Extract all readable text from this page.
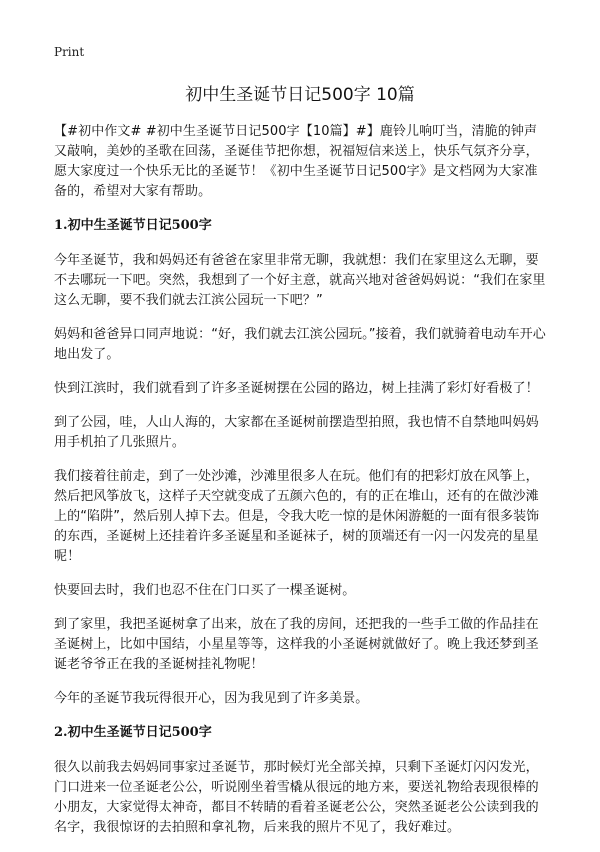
Print
初中生圣诞节日记500字 10篇

【#初中作文# #初中生圣诞节日记500字【10篇】#】鹿铃儿响叮当，清脆的钟声又敲响，美妙的圣歌在回荡，圣诞佳节把你想，祝福短信来送上，快乐气氛齐分享，愿大家度过一个快乐无比的圣诞节！《初中生圣诞节日记500字》是文档网为大家准备的，希望对大家有帮助。

1.初中生圣诞节日记500字

今年圣诞节，我和妈妈还有爸爸在家里非常无聊，我就想：我们在家里这么无聊，要不去哪玩一下吧。突然，我想到了一个好主意，就高兴地对爸爸妈妈说：“我们在家里这么无聊，要不我们就去江滨公园玩一下吧？”

妈妈和爸爸异口同声地说：“好，我们就去江滨公园玩。”接着，我们就骑着电动车开心地出发了。

快到江滨时，我们就看到了许多圣诞树摆在公园的路边，树上挂满了彩灯好看极了！

到了公园，哇，人山人海的，大家都在圣诞树前摆造型拍照，我也情不自禁地叫妈妈用手机拍了几张照片。

我们接着往前走，到了一处沙滩，沙滩里很多人在玩。他们有的把彩灯放在风筝上，然后把风筝放飞，这样子天空就变成了五颜六色的，有的正在堆山，还有的在做沙滩上的“陷阱”，然后别人掉下去。但是，令我大吃一惊的是休闲游艇的一面有很多装饰的东西，圣诞树上还挂着许多圣诞星和圣诞袜子，树的顶端还有一闪一闪发亮的星星呢！

快要回去时，我们也忍不住在门口买了一棵圣诞树。

到了家里，我把圣诞树拿了出来，放在了我的房间，还把我的一些手工做的作品挂在圣诞树上，比如中国结，小星星等等，这样我的小圣诞树就做好了。晚上我还梦到圣诞老爷爷正在我的圣诞树挂礼物呢！

今年的圣诞节我玩得很开心，因为我见到了许多美景。

2.初中生圣诞节日记500字

很久以前我去妈妈同事家过圣诞节，那时候灯光全部关掉，只剩下圣诞灯闪闪发光，门口进来一位圣诞老公公，听说刚坐着雪橇从很远的地方来，要送礼物给表现很棒的小朋友，大家觉得太神奇，都目不转睛的看着圣诞老公公，突然圣诞老公公读到我的名字，我很惊讶的去拍照和拿礼物，后来我的照片不见了，我好难过。
